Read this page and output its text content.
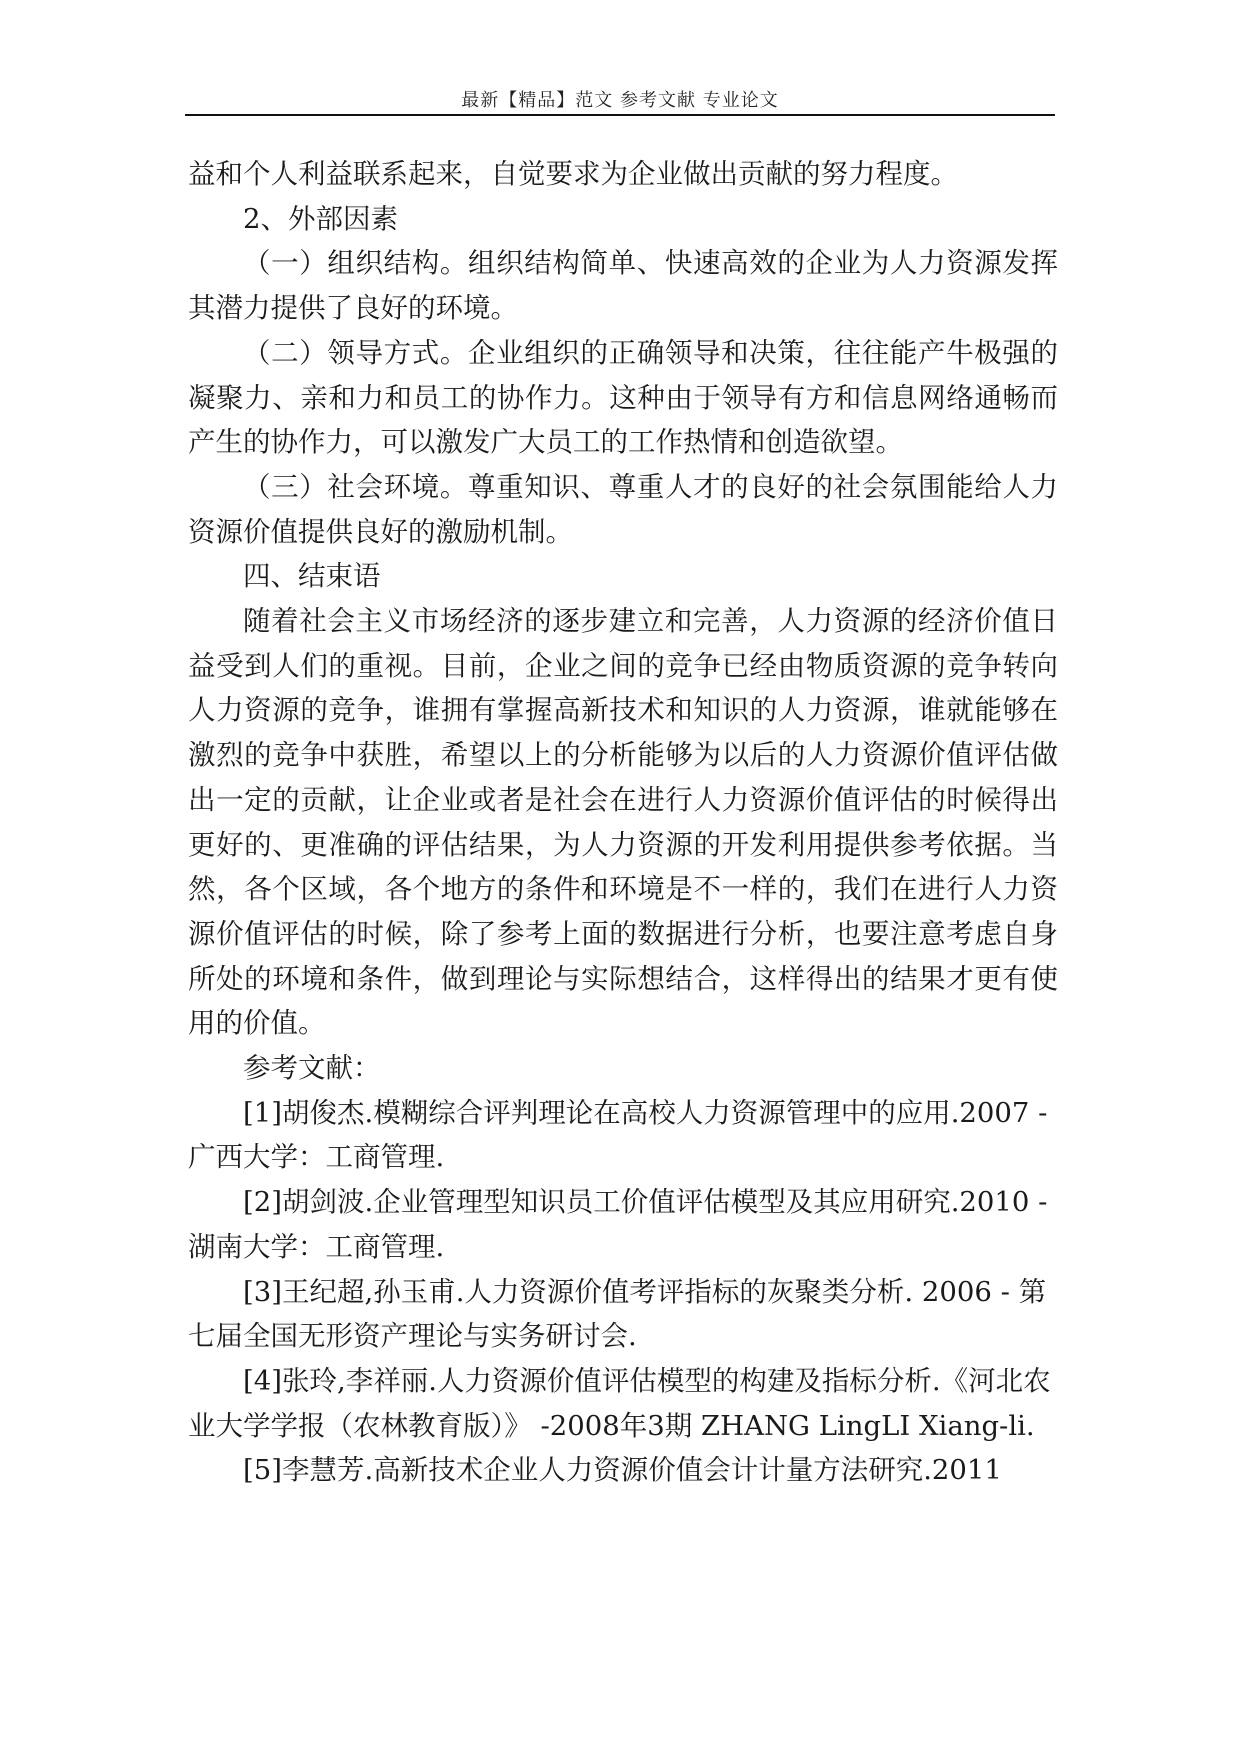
最新【精品】范文 参考文献 专业论文

益和个人利益联系起来，自觉要求为企业做出贡献的努力程度。

2、外部因素

（一）组织结构。组织结构简单、快速高效的企业为人力资源发挥其潜力提供了良好的环境。

（二）领导方式。企业组织的正确领导和决策，往往能产牛极强的凝聚力、亲和力和员工的协作力。这种由于领导有方和信息网络通畅而产生的协作力，可以激发广大员工的工作热情和创造欲望。

（三）社会环境。尊重知识、尊重人才的良好的社会氛围能给人力资源价值提供良好的激励机制。

四、结束语

随着社会主义市场经济的逐步建立和完善，人力资源的经济价值日益受到人们的重视。目前，企业之间的竞争已经由物质资源的竞争转向人力资源的竞争，谁拥有掌握高新技术和知识的人力资源，谁就能够在激烈的竞争中获胜，希望以上的分析能够为以后的人力资源价值评估做出一定的贡献，让企业或者是社会在进行人力资源价值评估的时候得出更好的、更准确的评估结果，为人力资源的开发利用提供参考依据。当然，各个区域，各个地方的条件和环境是不一样的，我们在进行人力资源价值评估的时候，除了参考上面的数据进行分析，也要注意考虑自身所处的环境和条件，做到理论与实际想结合，这样得出的结果才更有使用的价值。

参考文献：

[1]胡俊杰.模糊综合评判理论在高校人力资源管理中的应用.2007 - 广西大学：工商管理.

[2]胡剑波.企业管理型知识员工价值评估模型及其应用研究.2010 - 湖南大学：工商管理.

[3]王纪超,孙玉甫.人力资源价值考评指标的灰聚类分析. 2006 - 第七届全国无形资产理论与实务研讨会.

[4]张玲,李祥丽.人力资源价值评估模型的构建及指标分析.《河北农业大学学报（农林教育版）》 -2008年3期 ZHANG LingLI Xiang-li.

[5]李慧芳.高新技术企业人力资源价值会计计量方法研究.2011
